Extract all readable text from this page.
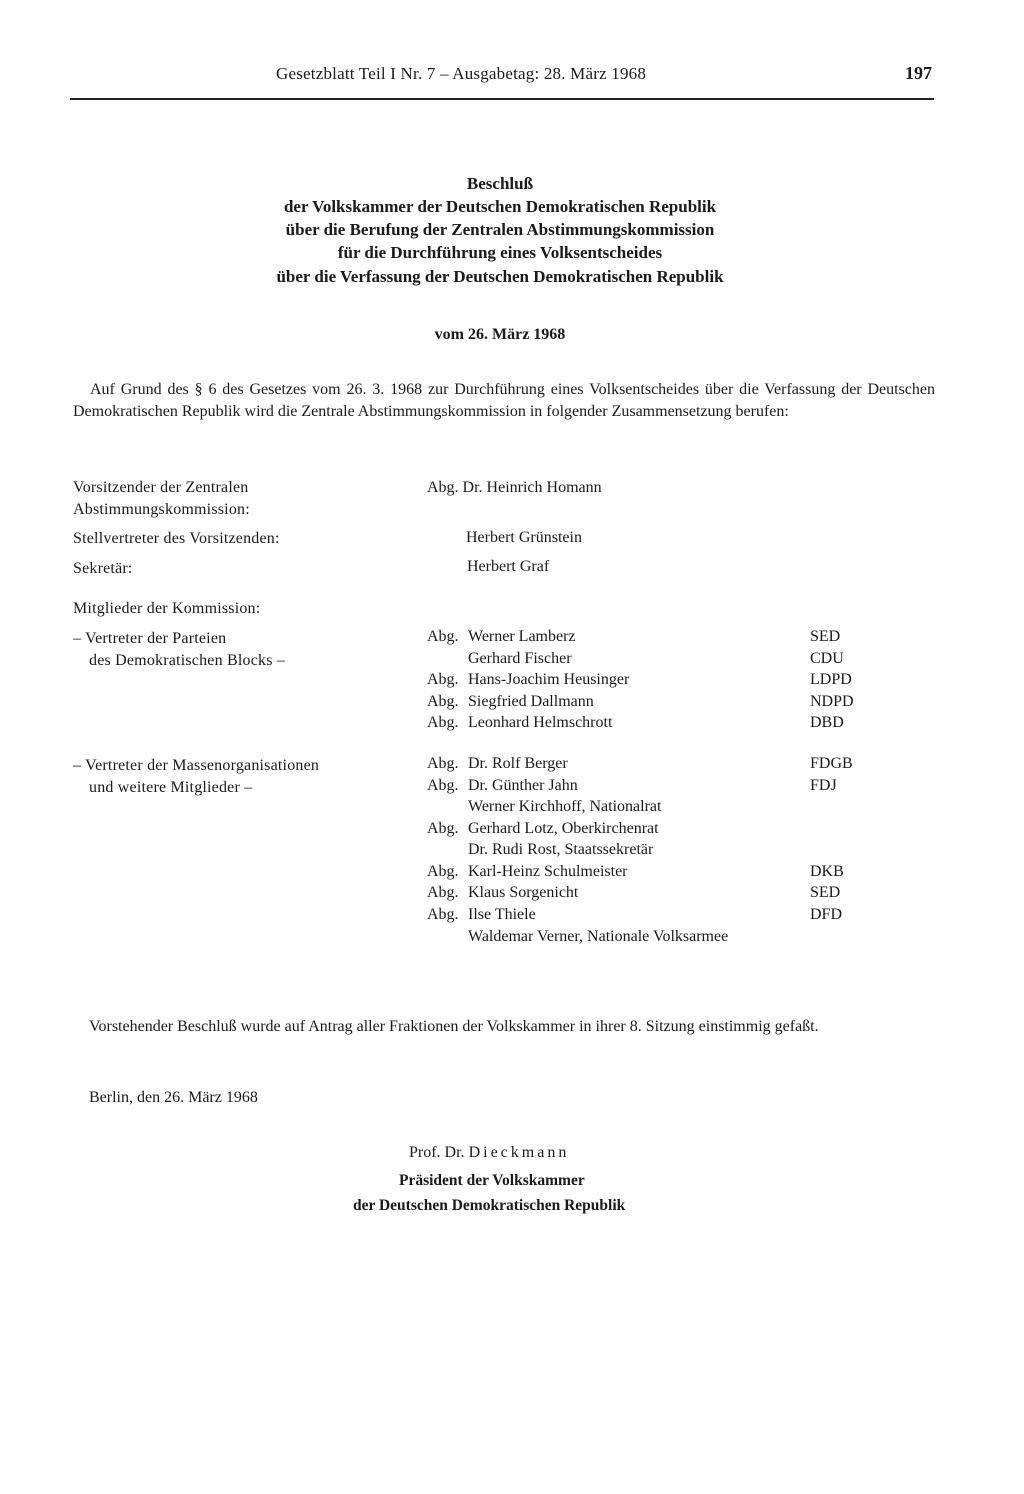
Gesetzblatt Teil I Nr. 7 – Ausgabetag: 28. März 1968	197
Beschluß
der Volkskammer der Deutschen Demokratischen Republik
über die Berufung der Zentralen Abstimmungskommission
für die Durchführung eines Volksentscheides
über die Verfassung der Deutschen Demokratischen Republik
vom 26. März 1968
Auf Grund des § 6 des Gesetzes vom 26. 3. 1968 zur Durchführung eines Volksentscheides über die Verfassung der Deutschen Demokratischen Republik wird die Zentrale Abstimmungskommission in folgender Zusammensetzung berufen:
Vorsitzender der Zentralen
Abstimmungskommission:
Abg. Dr. Heinrich Homann
Stellvertreter des Vorsitzenden:	Herbert Grünstein
Sekretär:	Herbert Graf
Mitglieder der Kommission:
– Vertreter der Parteien
des Demokratischen Blocks –
Abg. Werner Lamberz	SED
Gerhard Fischer	CDU
Abg. Hans-Joachim Heusinger	LDPD
Abg. Siegfried Dallmann	NDPD
Abg. Leonhard Helmschrott	DBD
– Vertreter der Massenorganisationen
und weitere Mitglieder –
Abg. Dr. Rolf Berger	FDGB
Abg. Dr. Günther Jahn	FDJ
Werner Kirchhoff, Nationalrat
Abg. Gerhard Lotz, Oberkirchenrat
Dr. Rudi Rost, Staatssekretär
Abg. Karl-Heinz Schulmeister	DKB
Abg. Klaus Sorgenicht	SED
Abg. Ilse Thiele	DFD
Waldemar Verner, Nationale Volksarmee
Vorstehender Beschluß wurde auf Antrag aller Fraktionen der Volkskammer in ihrer 8. Sitzung einstimmig gefaßt.
Berlin, den 26. März 1968
Prof. Dr. Dieckmann
Präsident der Volkskammer
der Deutschen Demokratischen Republik
